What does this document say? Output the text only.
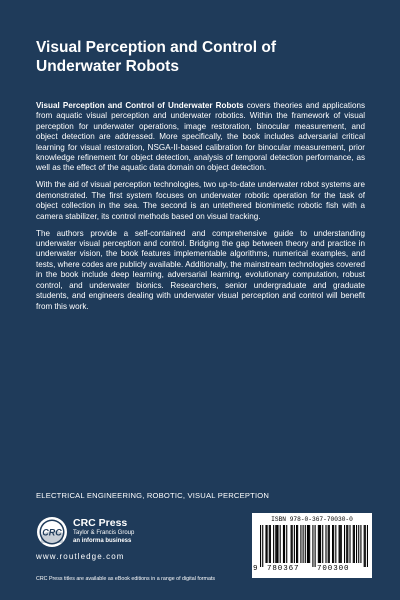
Visual Perception and Control of
Underwater Robots

Visual Perception and Control of Underwater Robots covers theories and applications from aquatic visual perception and underwater robotics. Within the framework of visual perception for underwater operations, image restoration, binocular measurement, and object detection are addressed. More specifically, the book includes adversarial critical learning for visual restoration, NSGA-II-based calibration for binocular measurement, prior knowledge refinement for object detection, analysis of temporal detection performance, as well as the effect of the aquatic data domain on object detection.

With the aid of visual perception technologies, two up-to-date underwater robot systems are demonstrated. The first system focuses on underwater robotic operation for the task of object collection in the sea. The second is an untethered biomimetic robotic fish with a camera stabilizer, its control methods based on visual tracking.

The authors provide a self-contained and comprehensive guide to understanding underwater visual perception and control. Bridging the gap between theory and practice in underwater vision, the book features implementable algorithms, numerical examples, and tests, where codes are publicly available. Additionally, the mainstream technologies covered in the book include deep learning, adversarial learning, evolutionary computation, robust control, and underwater bionics. Researchers, senior undergraduate and graduate students, and engineers dealing with underwater visual perception and control will benefit from this work.

ELECTRICAL ENGINEERING, ROBOTIC, VISUAL PERCEPTION
CRC
CRC Press
Taylor & Francis Group
an informa business
www.routledge.com
CRC Press titles are available as eBook editions in a range of digital formats
ISBN 978-0-367-70030-0
9 780367 700300
